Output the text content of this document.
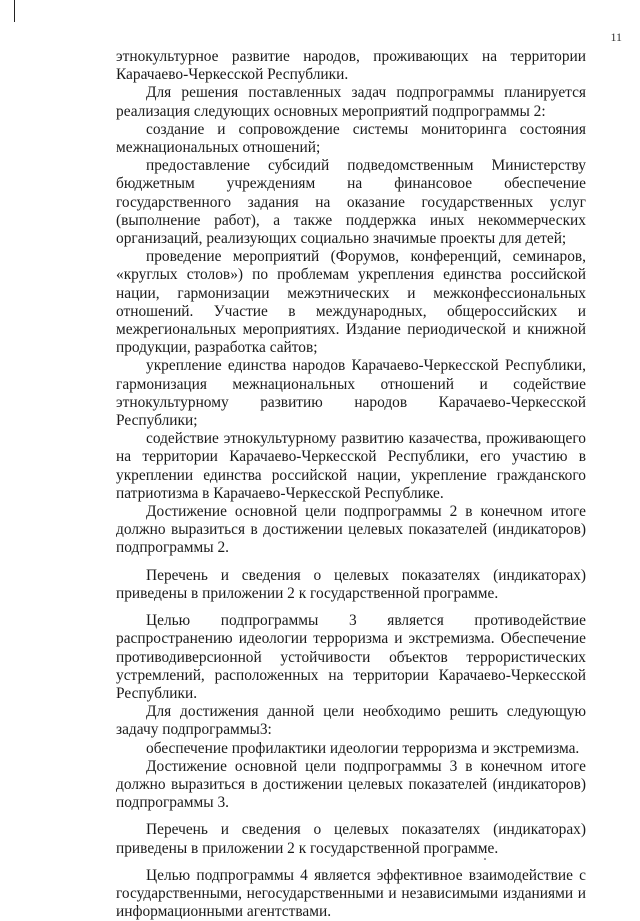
11

этнокультурное развитие народов, проживающих на территории Карачаево-Черкесской Республики.

Для решения поставленных задач подпрограммы планируется реализация следующих основных мероприятий подпрограммы 2:

создание и сопровождение системы мониторинга состояния межнациональных отношений;

предоставление субсидий подведомственным Министерству бюджетным учреждениям на финансовое обеспечение государственного задания на оказание государственных услуг (выполнение работ), а также поддержка иных некоммерческих организаций, реализующих социально значимые проекты для детей;

проведение мероприятий (Форумов, конференций, семинаров, «круглых столов») по проблемам укрепления единства российской нации, гармонизации межэтнических и межконфессиональных отношений. Участие в международных, общероссийских и межрегиональных мероприятиях. Издание периодической и книжной продукции, разработка сайтов;

укрепление единства народов Карачаево-Черкесской Республики, гармонизация межнациональных отношений и содействие этнокультурному развитию народов Карачаево-Черкесской Республики;

содействие этнокультурному развитию казачества, проживающего на территории Карачаево-Черкесской Республики, его участию в укреплении единства российской нации, укрепление гражданского патриотизма в Карачаево-Черкесской Республике.

Достижение основной цели подпрограммы 2 в конечном итоге должно выразиться в достижении целевых показателей (индикаторов) подпрограммы 2.

Перечень и сведения о целевых показателях (индикаторах) приведены в приложении 2 к государственной программе.

Целью подпрограммы 3 является противодействие распространению идеологии терроризма и экстремизма. Обеспечение противодиверсионной устойчивости объектов террористических устремлений, расположенных на территории Карачаево-Черкесской Республики.

Для достижения данной цели необходимо решить следующую задачу подпрограммы3:

обеспечение профилактики идеологии терроризма и экстремизма.

Достижение основной цели подпрограммы 3 в конечном итоге должно выразиться в достижении целевых показателей (индикаторов) подпрограммы 3.

Перечень и сведения о целевых показателях (индикаторах) приведены в приложении 2 к государственной программе.

Целью подпрограммы 4 является эффективное взаимодействие с государственными, негосударственными и независимыми изданиями и информационными агентствами.
